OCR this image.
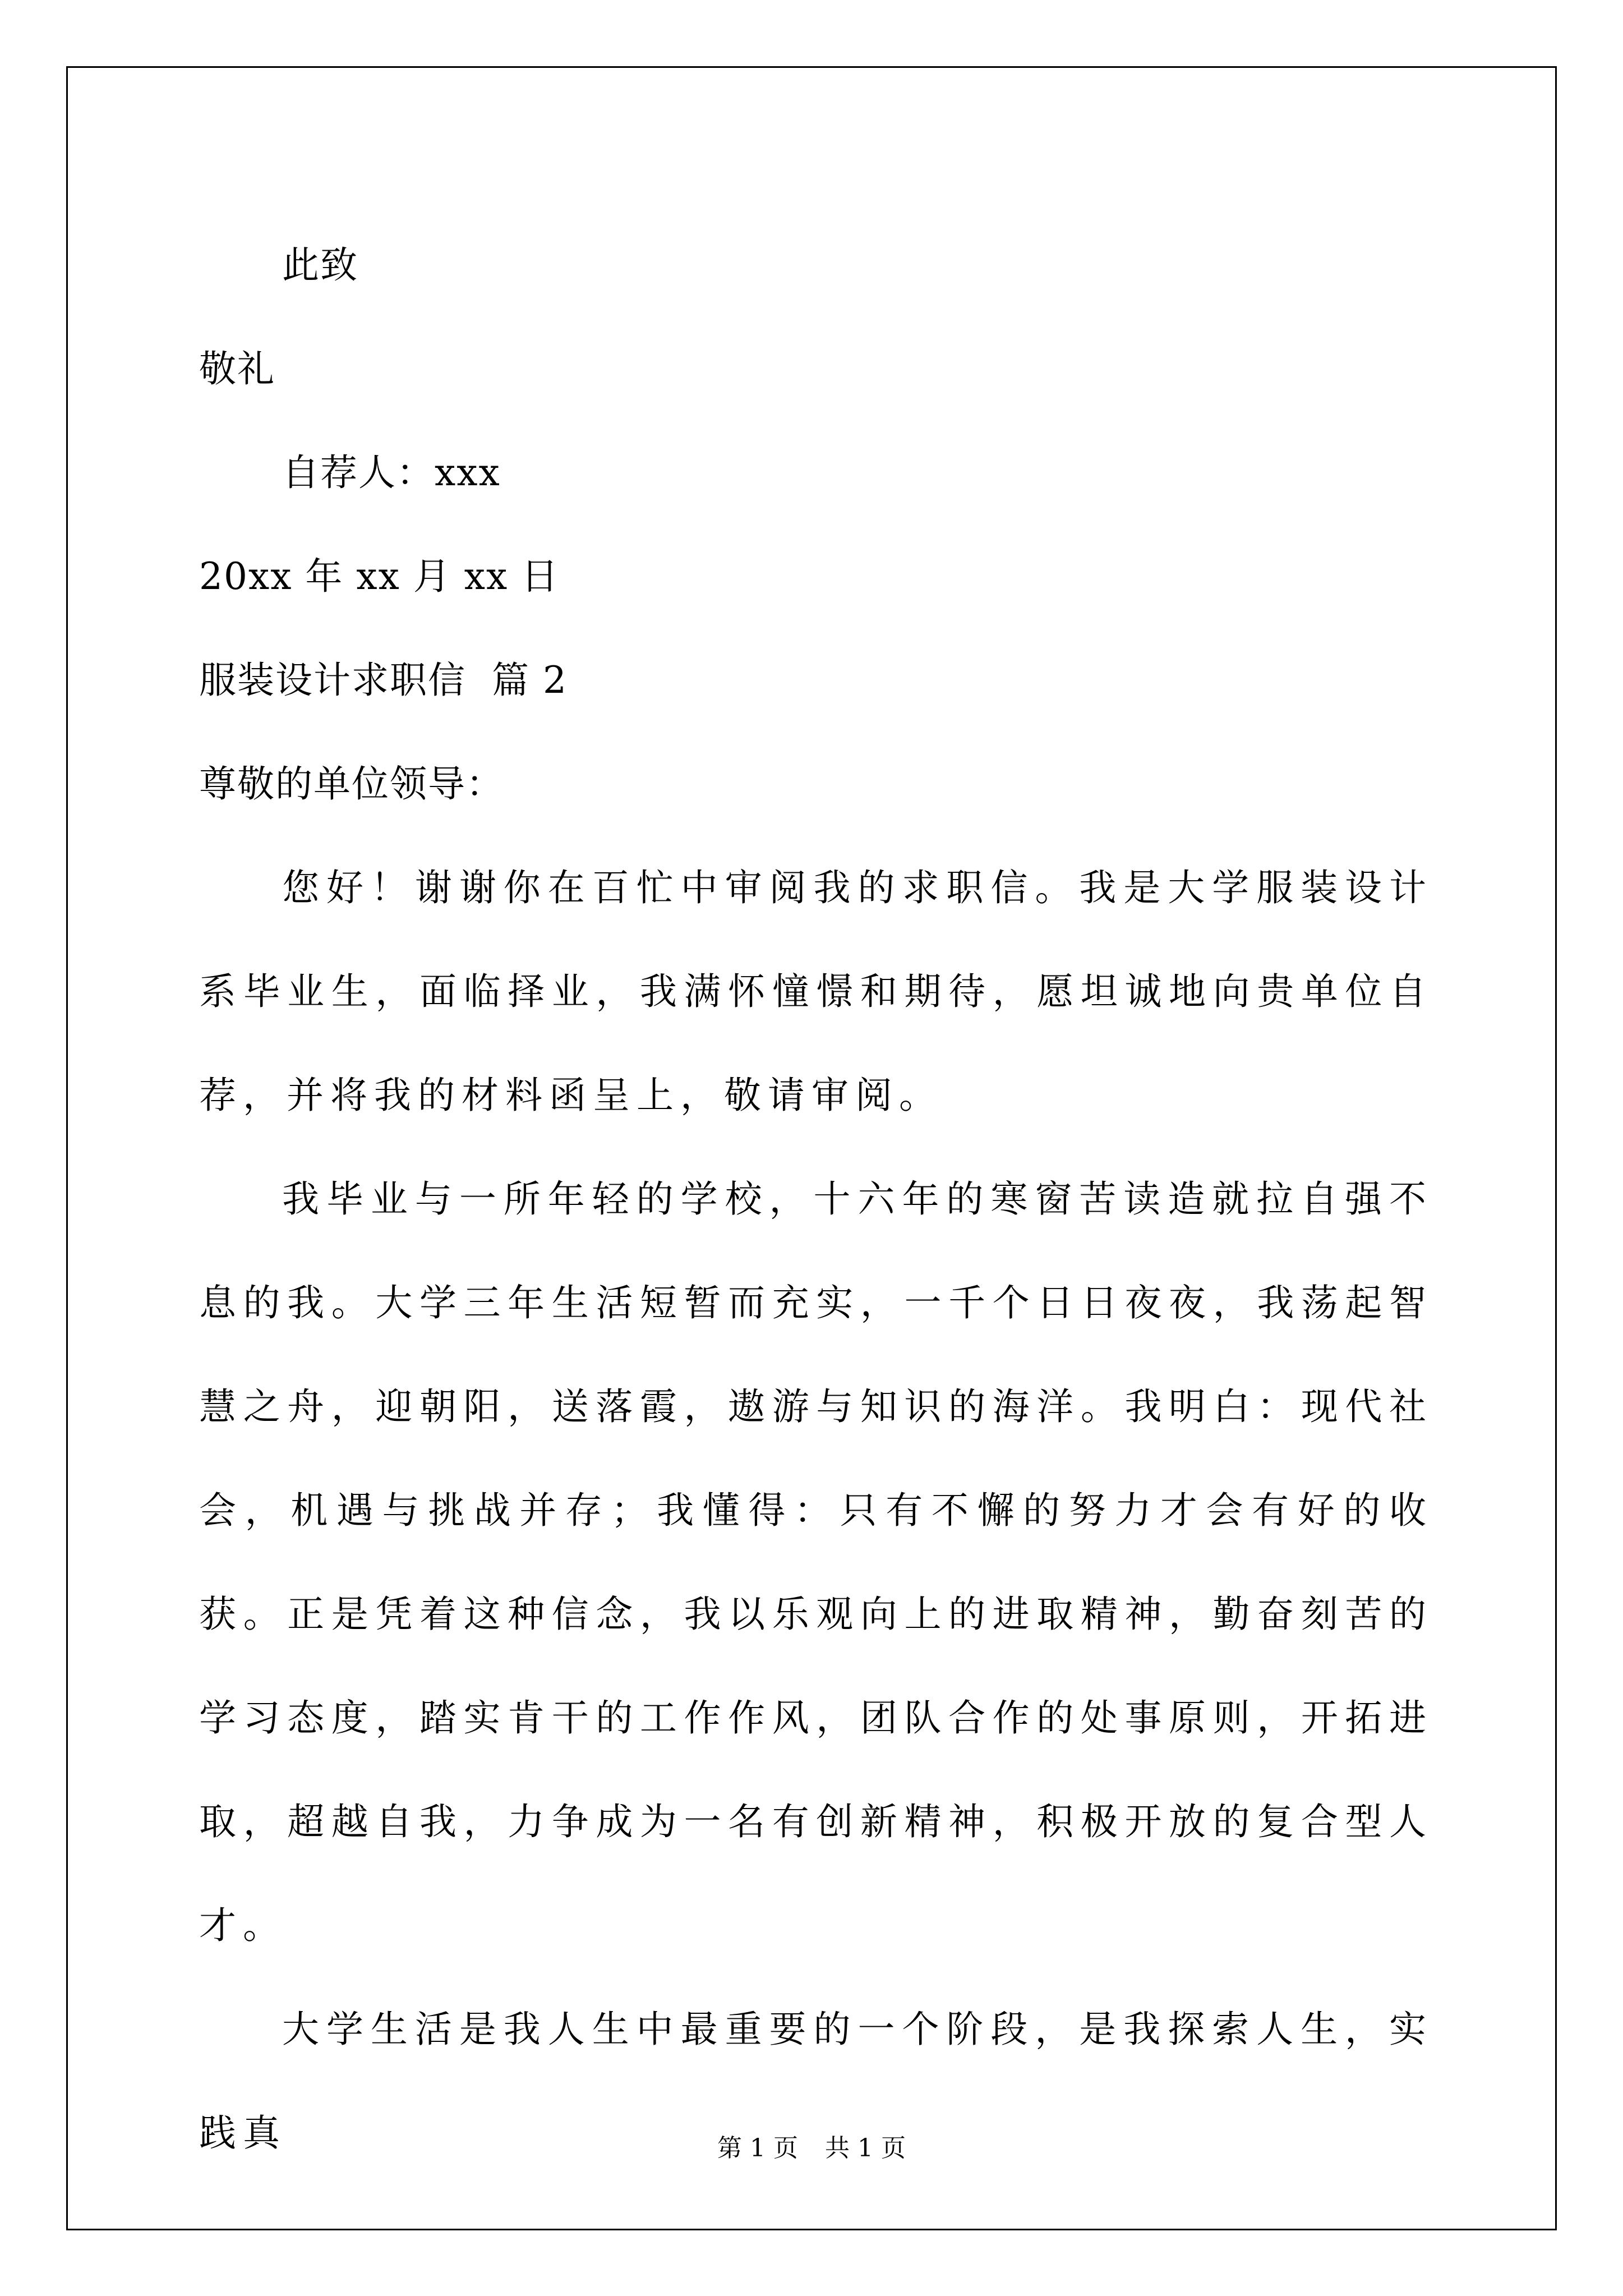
此致
敬礼
自荐人：xxx
20xx 年 xx 月 xx 日
服装设计求职信  篇 2
尊敬的单位领导：

您好！谢谢你在百忙中审阅我的求职信。我是大学服装设计系毕业生，面临择业，我满怀憧憬和期待，愿坦诚地向贵单位自荐，并将我的材料函呈上，敬请审阅。

我毕业与一所年轻的学校，十六年的寒窗苦读造就拉自强不息的我。大学三年生活短暂而充实，一千个日日夜夜，我荡起智慧之舟，迎朝阳，送落霞，遨游与知识的海洋。我明白：现代社会，机遇与挑战并存；我懂得：只有不懈的努力才会有好的收获。正是凭着这种信念，我以乐观向上的进取精神，勤奋刻苦的学习态度，踏实肯干的工作作风，团队合作的处事原则，开拓进取，超越自我，力争成为一名有创新精神，积极开放的复合型人才。

大学生活是我人生中最重要的一个阶段，是我探索人生，实践真	第 1 页 共 1 页
